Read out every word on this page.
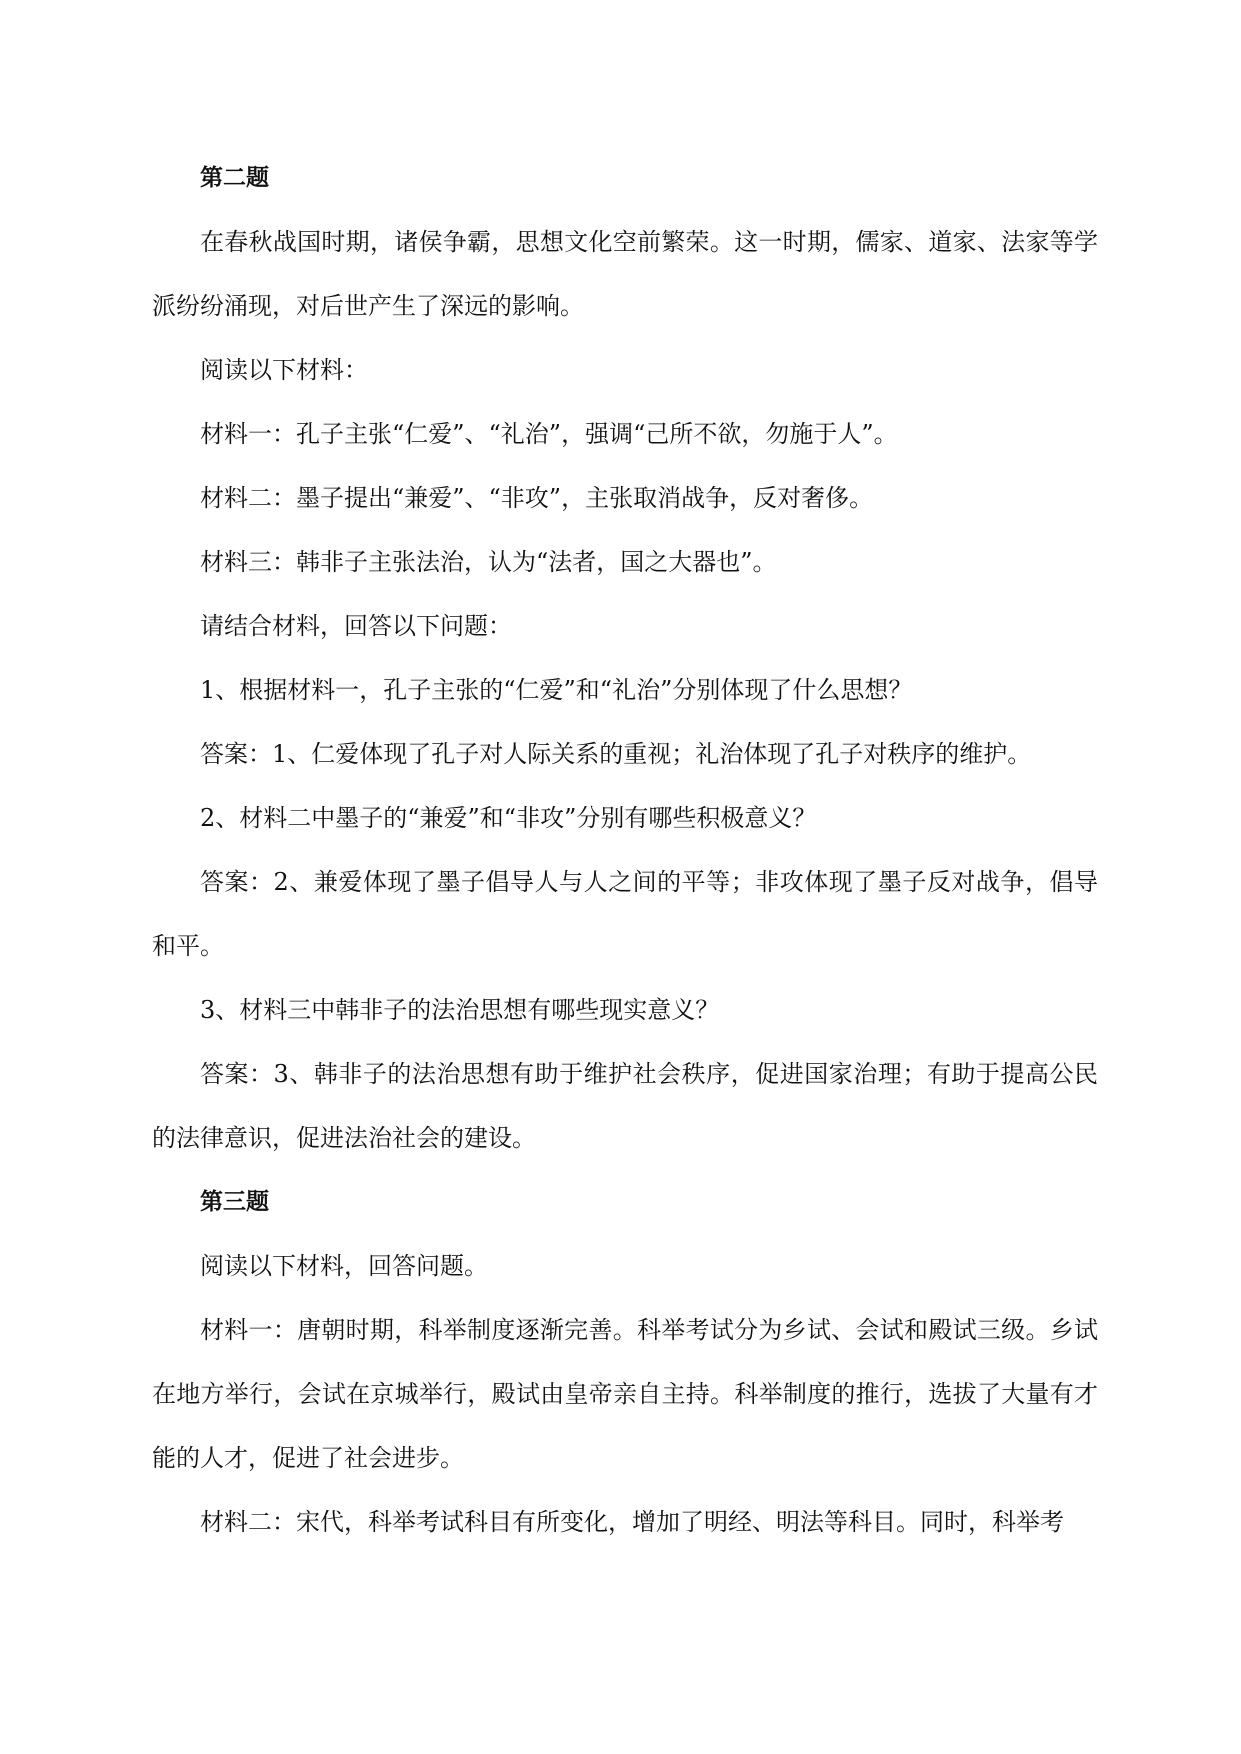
第二题

在春秋战国时期，诸侯争霸，思想文化空前繁荣。这一时期，儒家、道家、法家等学派纷纷涌现，对后世产生了深远的影响。

阅读以下材料：

材料一：孔子主张“仁爱”、“礼治”，强调“己所不欲，勿施于人”。

材料二：墨子提出“兼爱”、“非攻”，主张取消战争，反对奢侈。

材料三：韩非子主张法治，认为“法者，国之大器也”。

请结合材料，回答以下问题：

1、根据材料一，孔子主张的“仁爱”和“礼治”分别体现了什么思想？

答案：1、仁爱体现了孔子对人际关系的重视；礼治体现了孔子对秩序的维护。

2、材料二中墨子的“兼爱”和“非攻”分别有哪些积极意义？

答案：2、兼爱体现了墨子倡导人与人之间的平等；非攻体现了墨子反对战争，倡导和平。

3、材料三中韩非子的法治思想有哪些现实意义？

答案：3、韩非子的法治思想有助于维护社会秩序，促进国家治理；有助于提高公民的法律意识，促进法治社会的建设。

第三题

阅读以下材料，回答问题。

材料一：唐朝时期，科举制度逐渐完善。科举考试分为乡试、会试和殿试三级。乡试在地方举行，会试在京城举行，殿试由皇帝亲自主持。科举制度的推行，选拔了大量有才能的人才，促进了社会进步。

材料二：宋代，科举考试科目有所变化，增加了明经、明法等科目。同时，科举考
